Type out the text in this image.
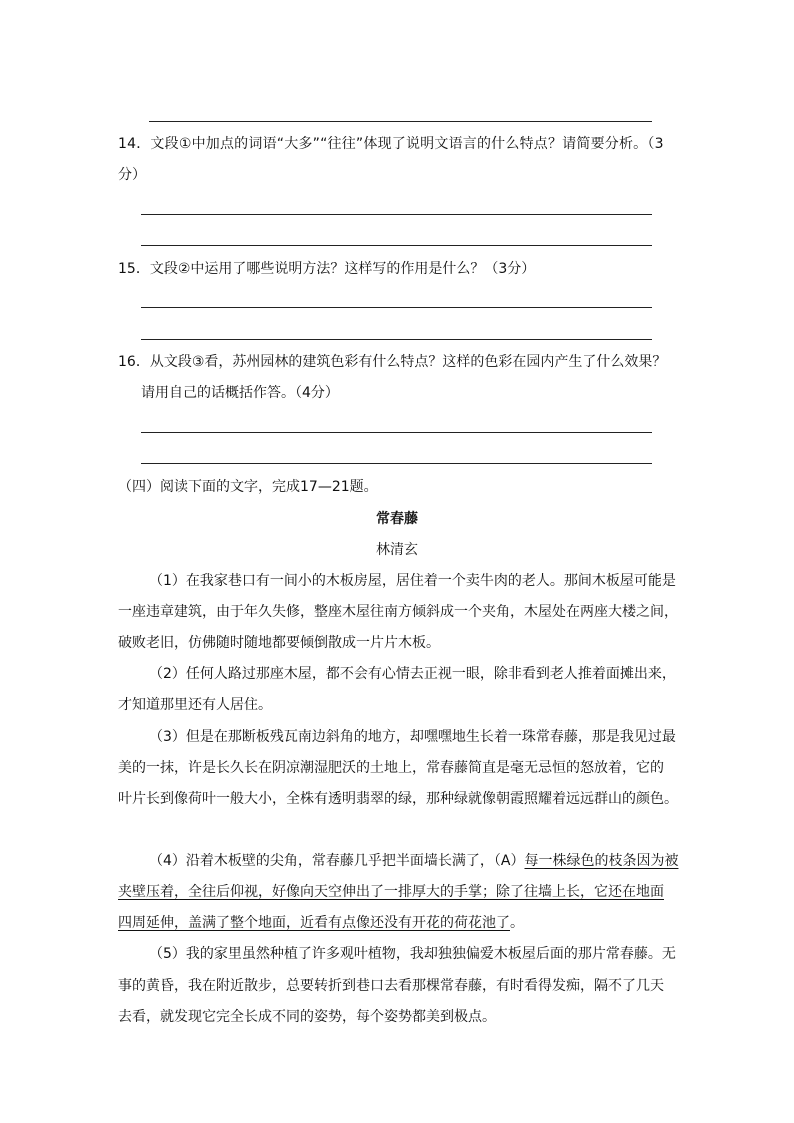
14．文段①中加点的词语“大多”“往往”体现了说明文语言的什么特点？请简要分析。（3
分）
15．文段②中运用了哪些说明方法？这样写的作用是什么？（3分）
16．从文段③看，苏州园林的建筑色彩有什么特点？这样的色彩在园内产生了什么效果？
请用自己的话概括作答。（4分）
（四）阅读下面的文字，完成17—21题。
常春藤
林清玄
（1）在我家巷口有一间小的木板房屋，居住着一个卖牛肉的老人。那间木板屋可能是
一座违章建筑，由于年久失修，整座木屋往南方倾斜成一个夹角，木屋处在两座大楼之间，
破败老旧，仿佛随时随地都要倾倒散成一片片木板。
（2）任何人路过那座木屋，都不会有心情去正视一眼，除非看到老人推着面摊出来，
才知道那里还有人居住。
（3）但是在那断板残瓦南边斜角的地方，却嘿嘿地生长着一珠常春藤，那是我见过最
美的一抹，许是长久长在阴凉潮湿肥沃的土地上，常春藤简直是毫无忌恒的怒放着，它的
叶片长到像荷叶一般大小，全株有透明翡翠的绿，那种绿就像朝霞照耀着远远群山的颜色。
（4）沿着木板壁的尖角，常春藤几乎把半面墙长满了，（A）每一株绿色的枝条因为被
夹壁压着，全往后仰视，好像向天空伸出了一排厚大的手掌；除了往墙上长，它还在地面
四周延伸，盖满了整个地面，近看有点像还没有开花的荷花池了。
（5）我的家里虽然种植了许多观叶植物，我却独独偏爱木板屋后面的那片常春藤。无
事的黄昏，我在附近散步，总要转折到巷口去看那棵常春藤，有时看得发痴，隔不了几天
去看，就发现它完全长成不同的姿势，每个姿势都美到极点。
